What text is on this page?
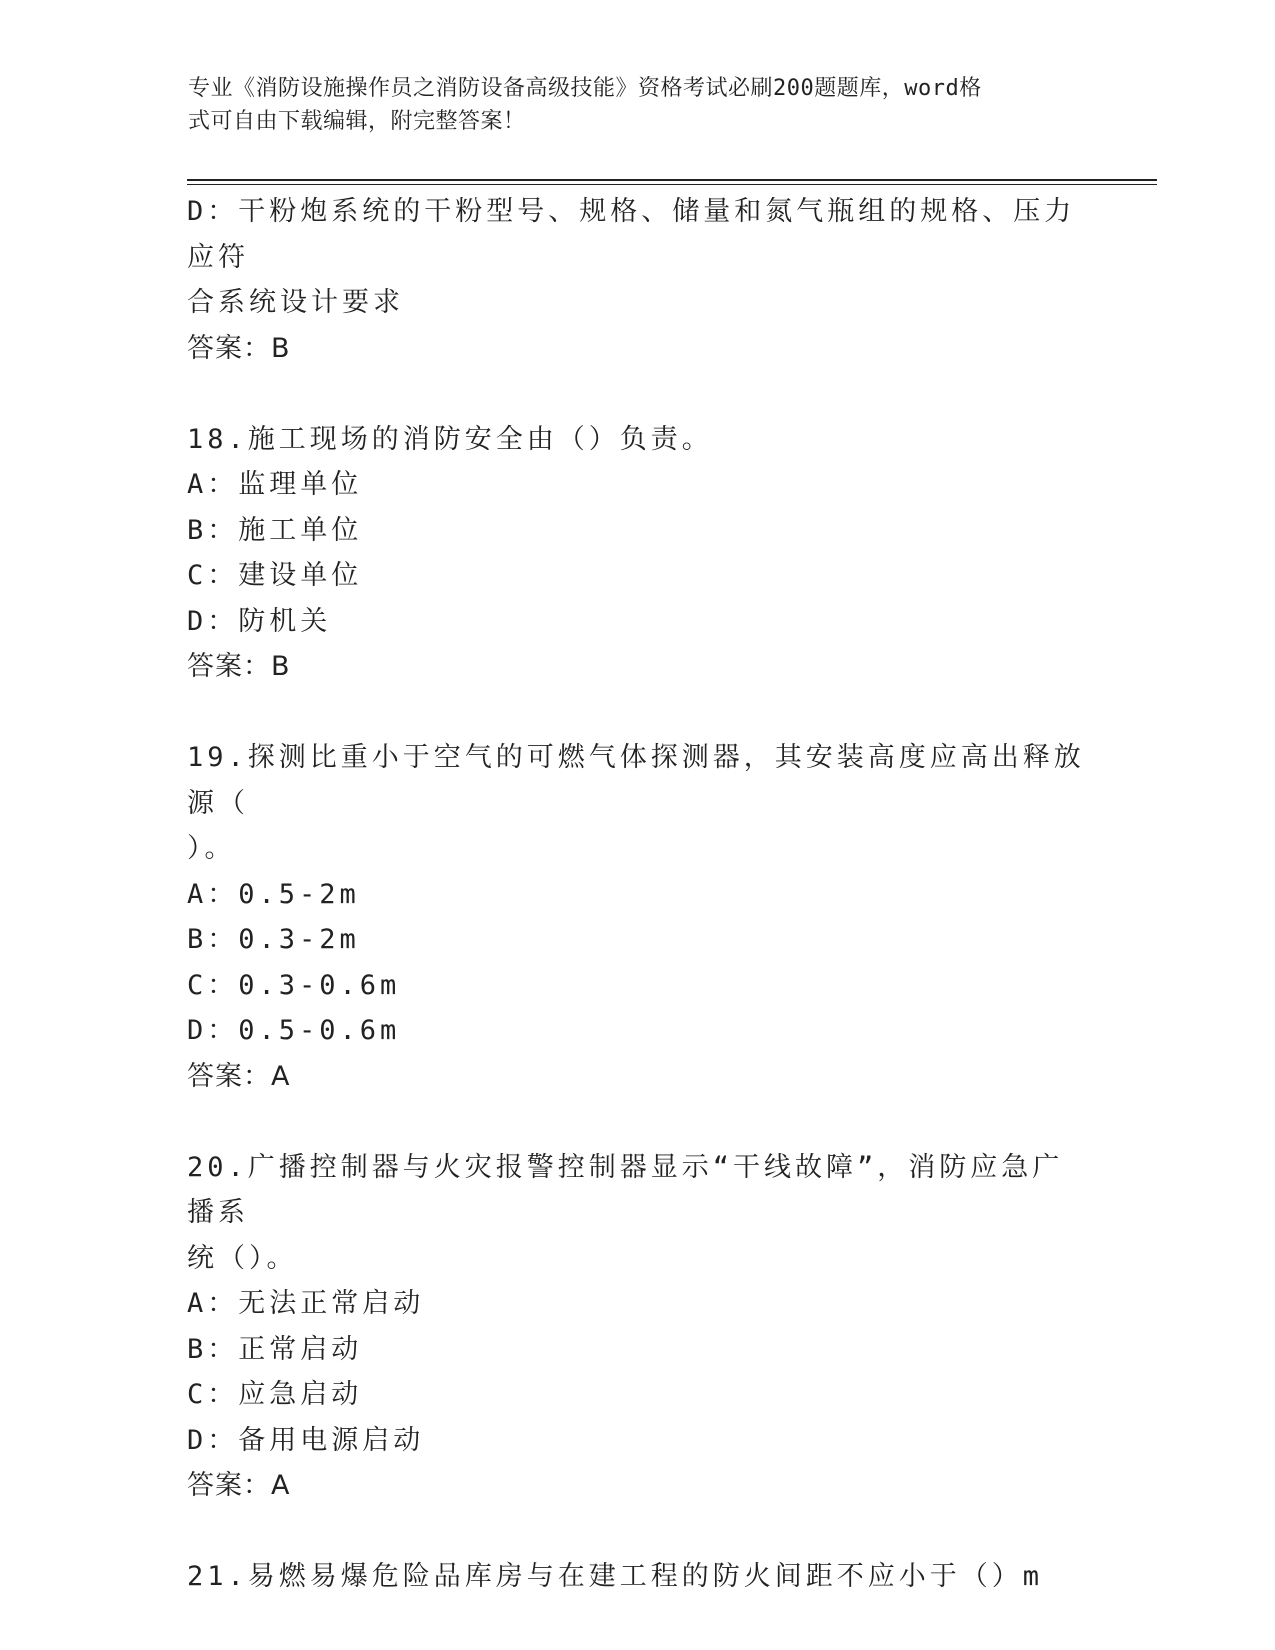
专业《消防设施操作员之消防设备高级技能》资格考试必刷200题题库，word格

式可自由下载编辑，附完整答案！

D：干粉炮系统的干粉型号、规格、储量和氮气瓶组的规格、压力应符

合系统设计要求

答案：B

18.施工现场的消防安全由（）负责。

A：监理单位

B：施工单位

C：建设单位

D：防机关

答案：B

19.探测比重小于空气的可燃气体探测器，其安装高度应高出释放源（

）。

A：0.5-2m

B：0.3-2m

C：0.3-0.6m

D：0.5-0.6m

答案：A

20.广播控制器与火灾报警控制器显示“干线故障”，消防应急广播系

统（）。

A：无法正常启动

B：正常启动

C：应急启动

D：备用电源启动

答案：A

21.易燃易爆危险品库房与在建工程的防火间距不应小于（）m
